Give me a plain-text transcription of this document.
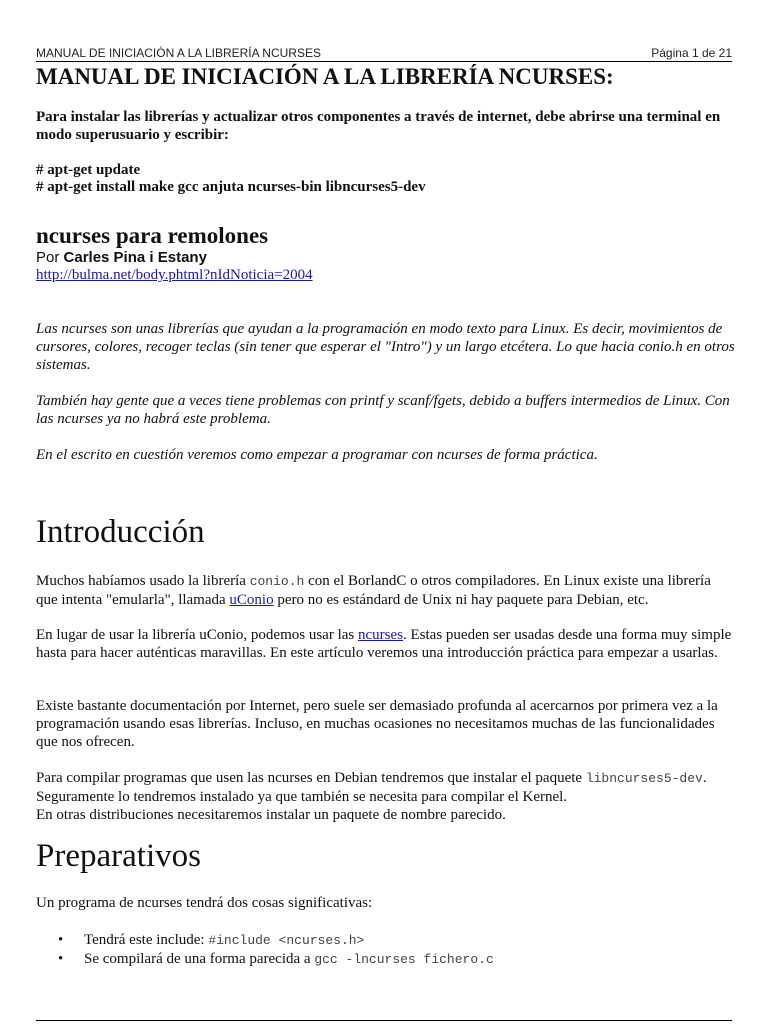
MANUAL DE INICIACIÓN A LA LIBRERÍA NCURSES	Página 1 de 21
MANUAL DE INICIACIÓN A LA LIBRERÍA NCURSES:
Para instalar las librerías y actualizar otros componentes a través de internet, debe abrirse una terminal en modo superusuario y escribir:
# apt-get update
# apt-get install make gcc anjuta ncurses-bin libncurses5-dev
ncurses para remolones
Por Carles Pina i Estany
http://bulma.net/body.phtml?nIdNoticia=2004
Las ncurses son unas librerías que ayudan a la programación en modo texto para Linux. Es decir, movimientos de cursores, colores, recoger teclas (sin tener que esperar el "Intro") y un largo etcétera. Lo que hacia conio.h en otros sistemas.
También hay gente que a veces tiene problemas con printf y scanf/fgets, debido a buffers intermedios de Linux. Con las ncurses ya no habrá este problema.
En el escrito en cuestión veremos como empezar a programar con ncurses de forma práctica.
Introducción
Muchos habíamos usado la librería conio.h con el BorlandC o otros compiladores. En Linux existe una librería que intenta "emularla", llamada uConio pero no es estándard de Unix ni hay paquete para Debian, etc.
En lugar de usar la librería uConio, podemos usar las ncurses. Estas pueden ser usadas desde una forma muy simple hasta para hacer auténticas maravillas. En este artículo veremos una introducción práctica para empezar a usarlas.
Existe bastante documentación por Internet, pero suele ser demasiado profunda al acercarnos por primera vez a la programación usando esas librerías. Incluso, en muchas ocasiones no necesitamos muchas de las funcionalidades que nos ofrecen.
Para compilar programas que usen las ncurses en Debian tendremos que instalar el paquete libncurses5-dev.
Seguramente lo tendremos instalado ya que también se necesita para compilar el Kernel.
En otras distribuciones necesitaremos instalar un paquete de nombre parecido.
Preparativos
Un programa de ncurses tendrá dos cosas significativas:
• Tendrá este include: #include <ncurses.h>
• Se compilará de una forma parecida a gcc -lncurses fichero.c
